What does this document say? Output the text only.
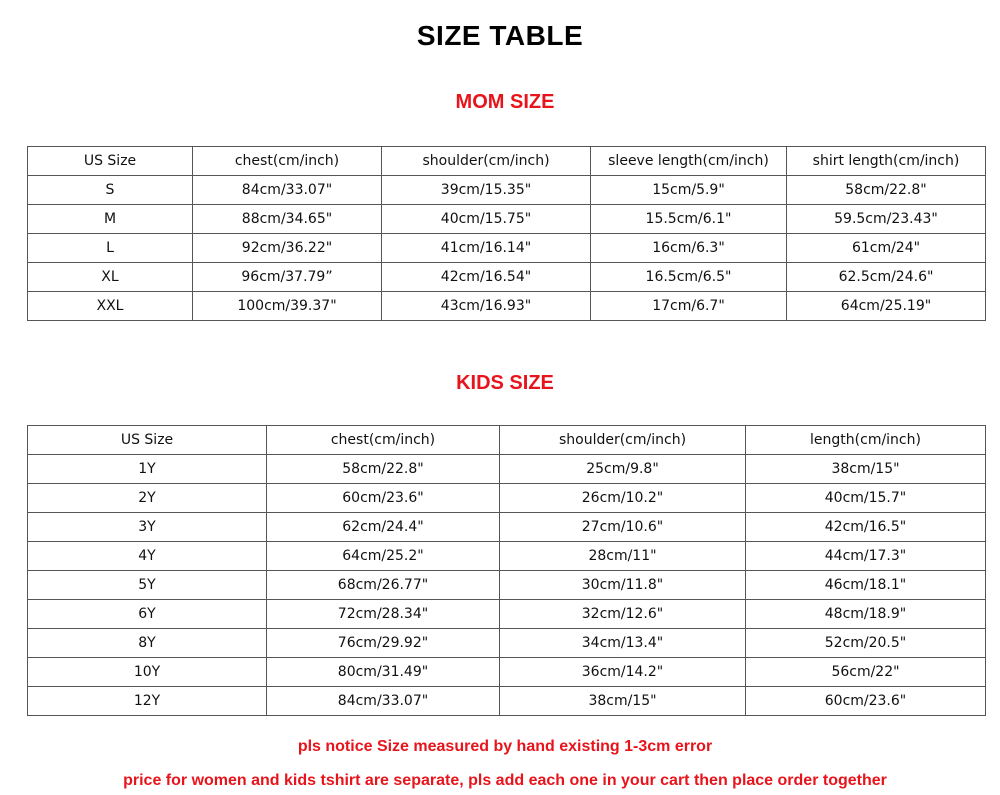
SIZE TABLE
MOM SIZE
US Size	chest(cm/inch)	shoulder(cm/inch)	sleeve length(cm/inch)	shirt length(cm/inch)
S	84cm/33.07"	39cm/15.35"	15cm/5.9"	58cm/22.8"
M	88cm/34.65"	40cm/15.75"	15.5cm/6.1"	59.5cm/23.43"
L	92cm/36.22"	41cm/16.14"	16cm/6.3"	61cm/24"
XL	96cm/37.79”	42cm/16.54"	16.5cm/6.5"	62.5cm/24.6"
XXL	100cm/39.37"	43cm/16.93"	17cm/6.7"	64cm/25.19"
KIDS SIZE
US Size	chest(cm/inch)	shoulder(cm/inch)	length(cm/inch)
1Y	58cm/22.8"	25cm/9.8"	38cm/15"
2Y	60cm/23.6"	26cm/10.2"	40cm/15.7"
3Y	62cm/24.4"	27cm/10.6"	42cm/16.5"
4Y	64cm/25.2"	28cm/11"	44cm/17.3"
5Y	68cm/26.77"	30cm/11.8"	46cm/18.1"
6Y	72cm/28.34"	32cm/12.6"	48cm/18.9"
8Y	76cm/29.92"	34cm/13.4"	52cm/20.5"
10Y	80cm/31.49"	36cm/14.2"	56cm/22"
12Y	84cm/33.07"	38cm/15"	60cm/23.6"
pls notice Size measured by hand existing 1-3cm error
price for women and kids tshirt are separate, pls add each one in your cart then place order together
